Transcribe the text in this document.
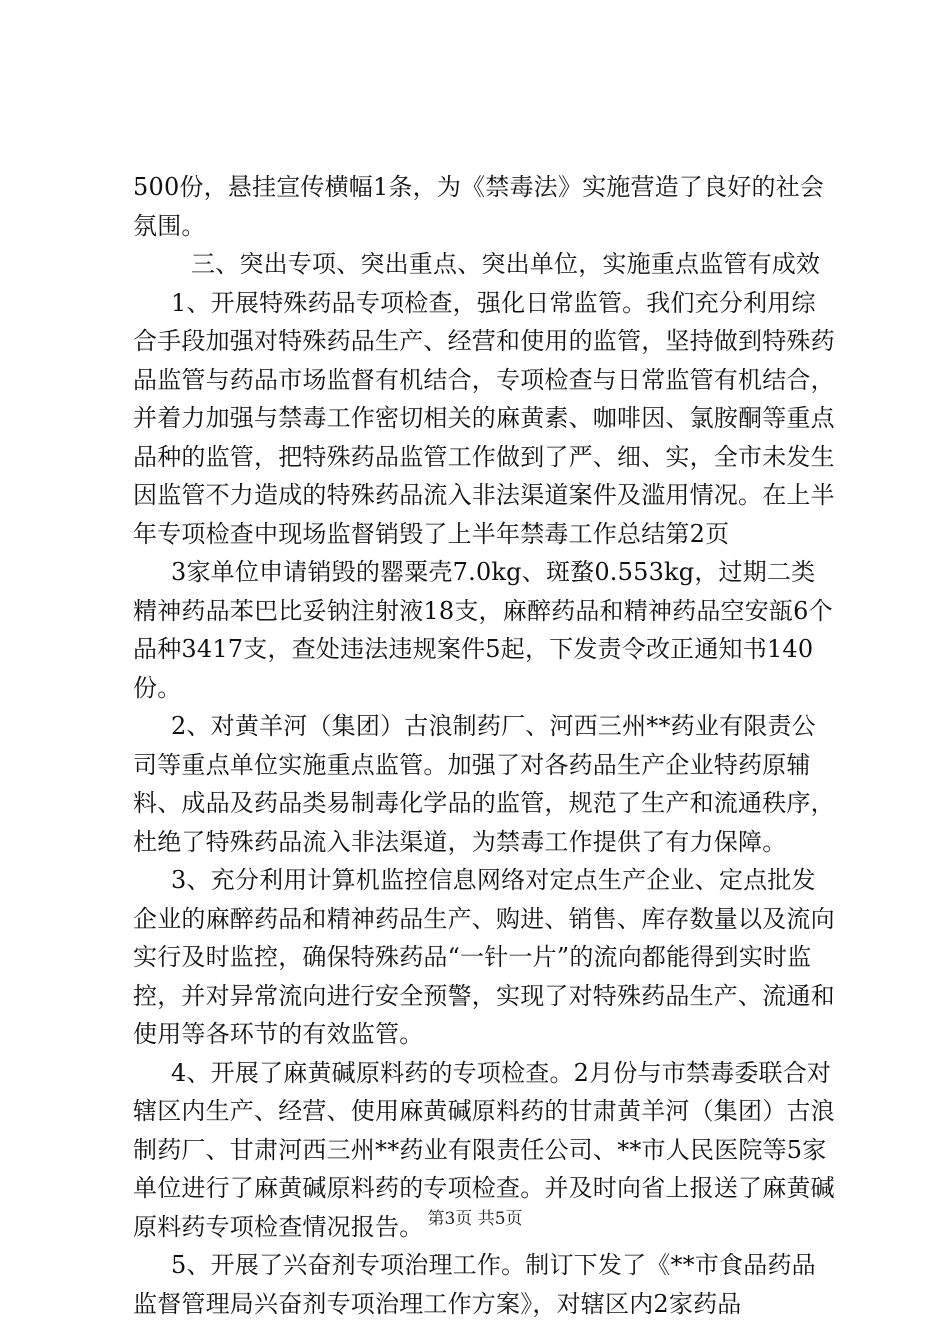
500份，悬挂宣传横幅1条，为《禁毒法》实施营造了良好的社会氛围。

三、突出专项、突出重点、突出单位，实施重点监管有成效

1、开展特殊药品专项检查，强化日常监管。我们充分利用综合手段加强对特殊药品生产、经营和使用的监管，坚持做到特殊药品监管与药品市场监督有机结合，专项检查与日常监管有机结合，并着力加强与禁毒工作密切相关的麻黄素、咖啡因、氯胺酮等重点品种的监管，把特殊药品监管工作做到了严、细、实，全市未发生因监管不力造成的特殊药品流入非法渠道案件及滥用情况。在上半年专项检查中现场监督销毁了上半年禁毒工作总结第2页

3家单位申请销毁的罂粟壳7.0kg、斑蝥0.553kg，过期二类精神药品苯巴比妥钠注射液18支，麻醉药品和精神药品空安瓿6个品种3417支，查处违法违规案件5起，下发责令改正通知书140份。

2、对黄羊河（集团）古浪制药厂、河西三州**药业有限责公司等重点单位实施重点监管。加强了对各药品生产企业特药原辅料、成品及药品类易制毒化学品的监管，规范了生产和流通秩序，杜绝了特殊药品流入非法渠道，为禁毒工作提供了有力保障。

3、充分利用计算机监控信息网络对定点生产企业、定点批发企业的麻醉药品和精神药品生产、购进、销售、库存数量以及流向实行及时监控，确保特殊药品“一针一片”的流向都能得到实时监控，并对异常流向进行安全预警，实现了对特殊药品生产、流通和使用等各环节的有效监管。

4、开展了麻黄碱原料药的专项检查。2月份与市禁毒委联合对辖区内生产、经营、使用麻黄碱原料药的甘肃黄羊河（集团）古浪制药厂、甘肃河西三州**药业有限责任公司、**市人民医院等5家单位进行了麻黄碱原料药的专项检查。并及时向省上报送了麻黄碱原料药专项检查情况报告。

5、开展了兴奋剂专项治理工作。制订下发了《**市食品药品监督管理局兴奋剂专项治理工作方案》，对辖区内2家药品

第3页 共5页
